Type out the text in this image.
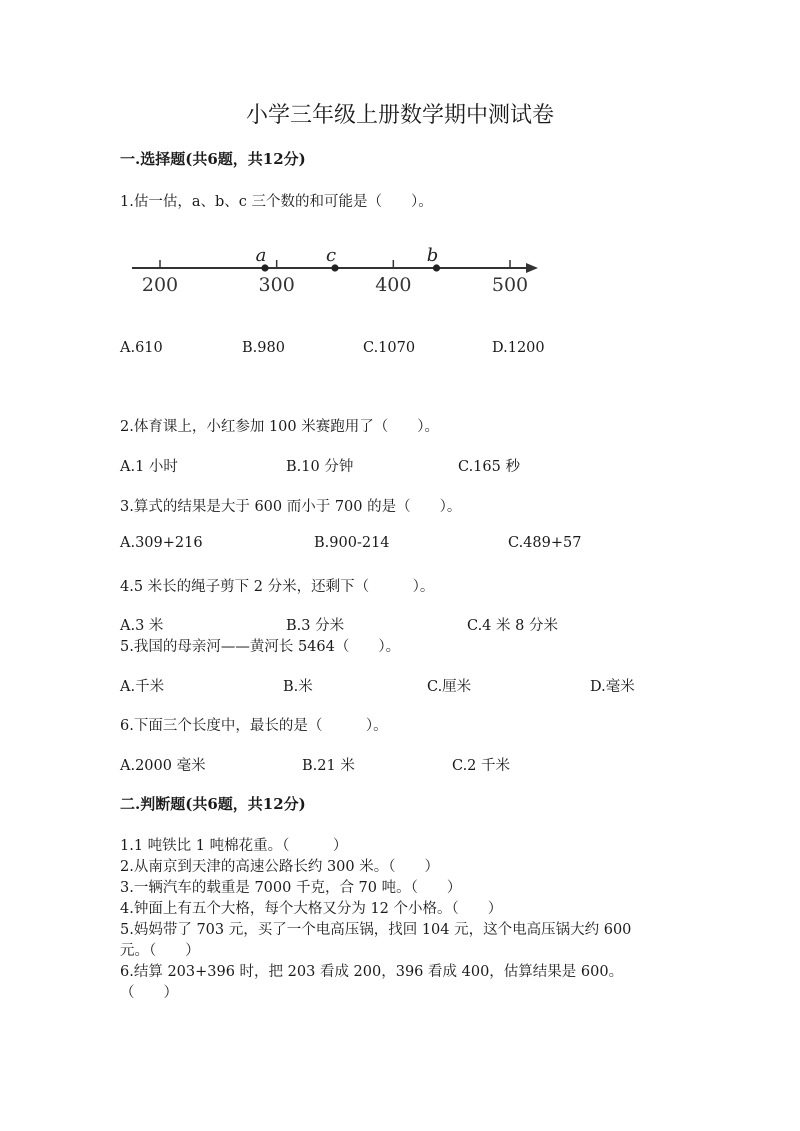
小学三年级上册数学期中测试卷
一.选择题(共6题，共12分)
1.估一估，a、b、c 三个数的和可能是（　　）。
200	300	400	500
a	c	b
A.610	B.980	C.1070	D.1200
2.体育课上，小红参加 100 米赛跑用了（　　）。
A.1 小时	B.10 分钟	C.165 秒
3.算式的结果是大于 600 而小于 700 的是（　　）。
A.309+216	B.900-214	C.489+57
4.5 米长的绳子剪下 2 分米，还剩下（　　　）。
A.3 米	B.3 分米	C.4 米 8 分米
5.我国的母亲河——黄河长 5464（　　）。
A.千米	B.米	C.厘米	D.毫米
6.下面三个长度中，最长的是（　　　）。
A.2000 毫米	B.21 米	C.2 千米
二.判断题(共6题，共12分)
1.1 吨铁比 1 吨棉花重。（　　　）
2.从南京到天津的高速公路长约 300 米。（　　）
3.一辆汽车的载重是 7000 千克，合 70 吨。（　　）
4.钟面上有五个大格，每个大格又分为 12 个小格。（　　）
5.妈妈带了 703 元，买了一个电高压锅，找回 104 元，这个电高压锅大约 600
元。（　　）
6.结算 203+396 时，把 203 看成 200，396 看成 400，估算结果是 600。
（　　）
